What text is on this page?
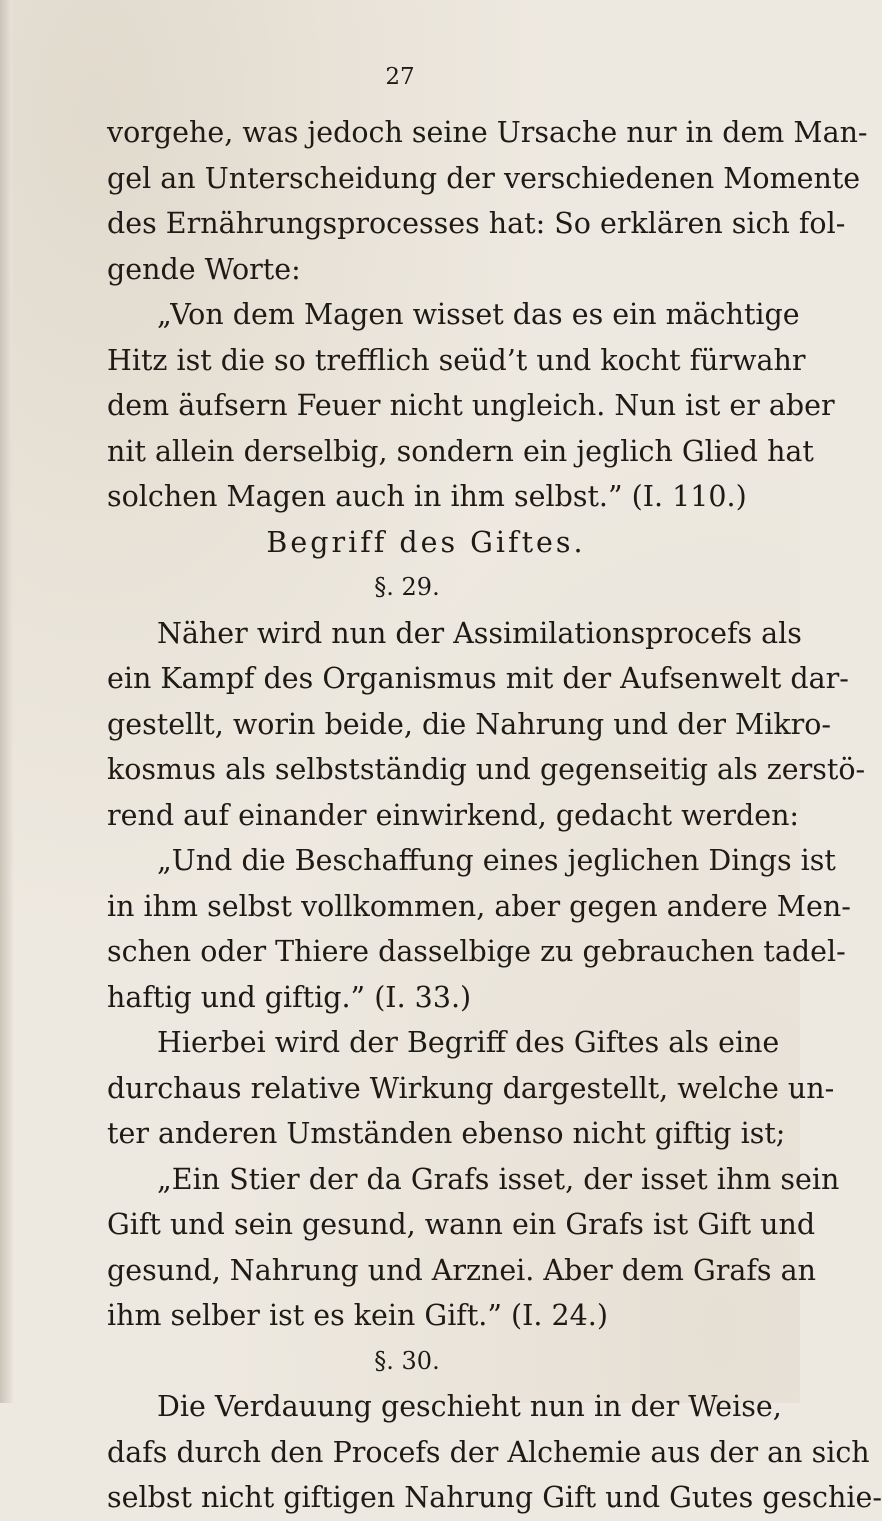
27
vorgehe, was jedoch seine Ursache nur in dem Man-
gel an Unterscheidung der verschiedenen Momente
des Ernährungsprocesses hat: So erklären sich fol-
gende Worte:
„Von dem Magen wisset das es ein mächtige
Hitz ist die so trefflich seüd’t und kocht fürwahr
dem äufsern Feuer nicht ungleich. Nun ist er aber
nit allein derselbig, sondern ein jeglich Glied hat
solchen Magen auch in ihm selbst.” (I. 110.)
Begriff des Giftes.
§. 29.
Näher wird nun der Assimilationsprocefs als
ein Kampf des Organismus mit der Aufsenwelt dar-
gestellt, worin beide, die Nahrung und der Mikro-
kosmus als selbstständig und gegenseitig als zerstö-
rend auf einander einwirkend, gedacht werden:
„Und die Beschaffung eines jeglichen Dings ist
in ihm selbst vollkommen, aber gegen andere Men-
schen oder Thiere dasselbige zu gebrauchen tadel-
haftig und giftig.” (I. 33.)
Hierbei wird der Begriff des Giftes als eine
durchaus relative Wirkung dargestellt, welche un-
ter anderen Umständen ebenso nicht giftig ist;
„Ein Stier der da Grafs isset, der isset ihm sein
Gift und sein gesund, wann ein Grafs ist Gift und
gesund, Nahrung und Arznei. Aber dem Grafs an
ihm selber ist es kein Gift.” (I. 24.)
§. 30.
Die Verdauung geschieht nun in der Weise,
dafs durch den Procefs der Alchemie aus der an sich
selbst nicht giftigen Nahrung Gift und Gutes geschie-
